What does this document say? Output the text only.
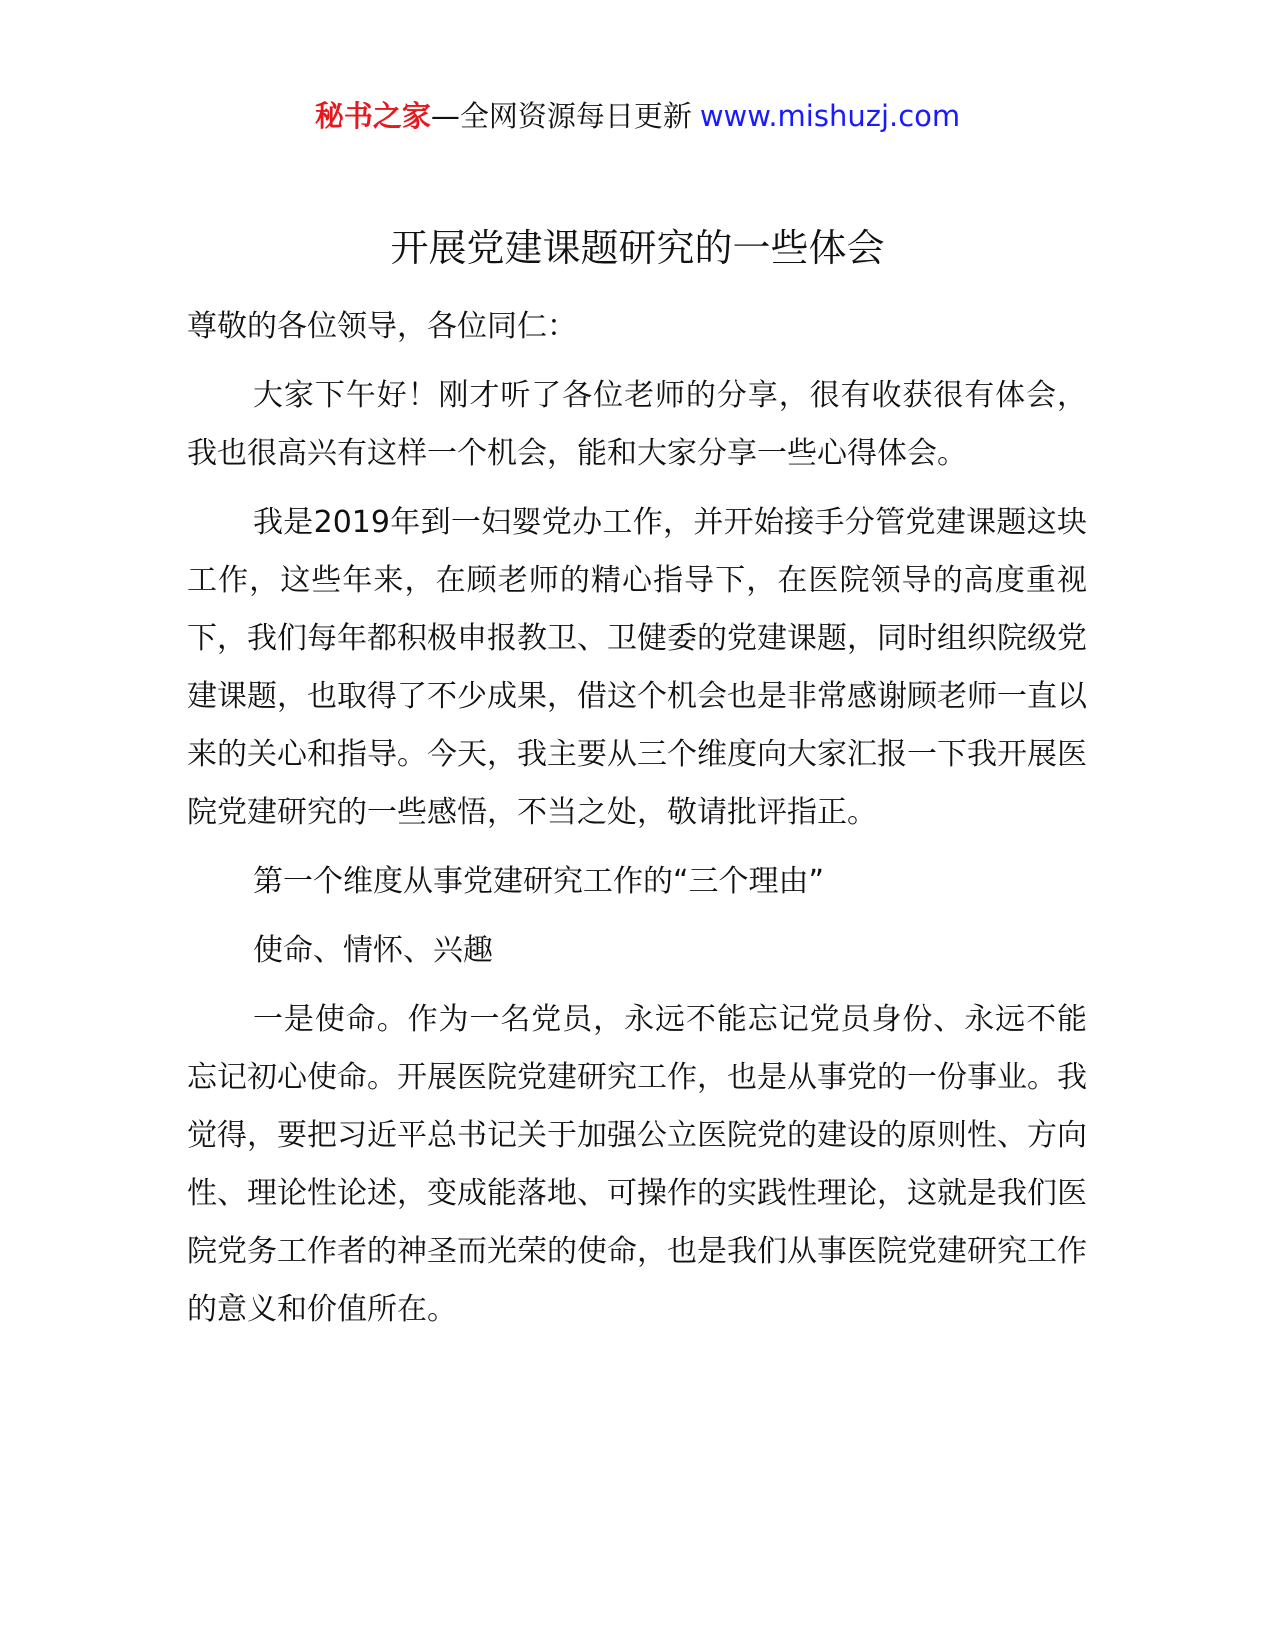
秘书之家—全网资源每日更新 www.mishuzj.com
开展党建课题研究的一些体会

尊敬的各位领导，各位同仁：

大家下午好！刚才听了各位老师的分享，很有收获很有体会，我也很高兴有这样一个机会，能和大家分享一些心得体会。

我是2019年到一妇婴党办工作，并开始接手分管党建课题这块工作，这些年来，在顾老师的精心指导下，在医院领导的高度重视下，我们每年都积极申报教卫、卫健委的党建课题，同时组织院级党建课题，也取得了不少成果，借这个机会也是非常感谢顾老师一直以来的关心和指导。今天，我主要从三个维度向大家汇报一下我开展医院党建研究的一些感悟，不当之处，敬请批评指正。

第一个维度从事党建研究工作的“三个理由”

使命、情怀、兴趣

一是使命。作为一名党员，永远不能忘记党员身份、永远不能忘记初心使命。开展医院党建研究工作，也是从事党的一份事业。我觉得，要把习近平总书记关于加强公立医院党的建设的原则性、方向性、理论性论述，变成能落地、可操作的实践性理论，这就是我们医院党务工作者的神圣而光荣的使命，也是我们从事医院党建研究工作的意义和价值所在。
